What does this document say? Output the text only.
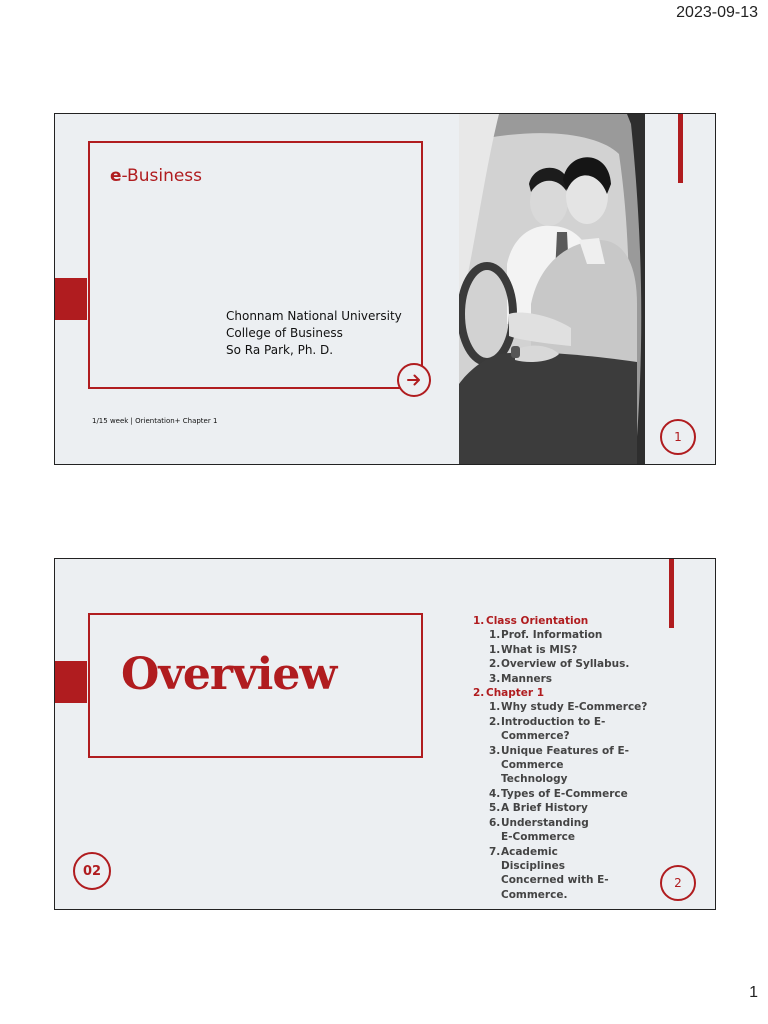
2023-09-13
e-Business
Chonnam National University
College of Business
So Ra Park, Ph. D.
1/15 week | Orientation+ Chapter 1
1
Overview
02
1. Class Orientation
1. Prof. Information
1. What is MIS?
2. Overview of Syllabus.
3. Manners
2. Chapter 1
1. Why study E-Commerce?
2. Introduction to E-Commerce?
3. Unique Features of E-Commerce Technology
4. Types of E-Commerce
5. A Brief History
6. Understanding E-Commerce
7. Academic Disciplines Concerned with E-Commerce.
2
1
